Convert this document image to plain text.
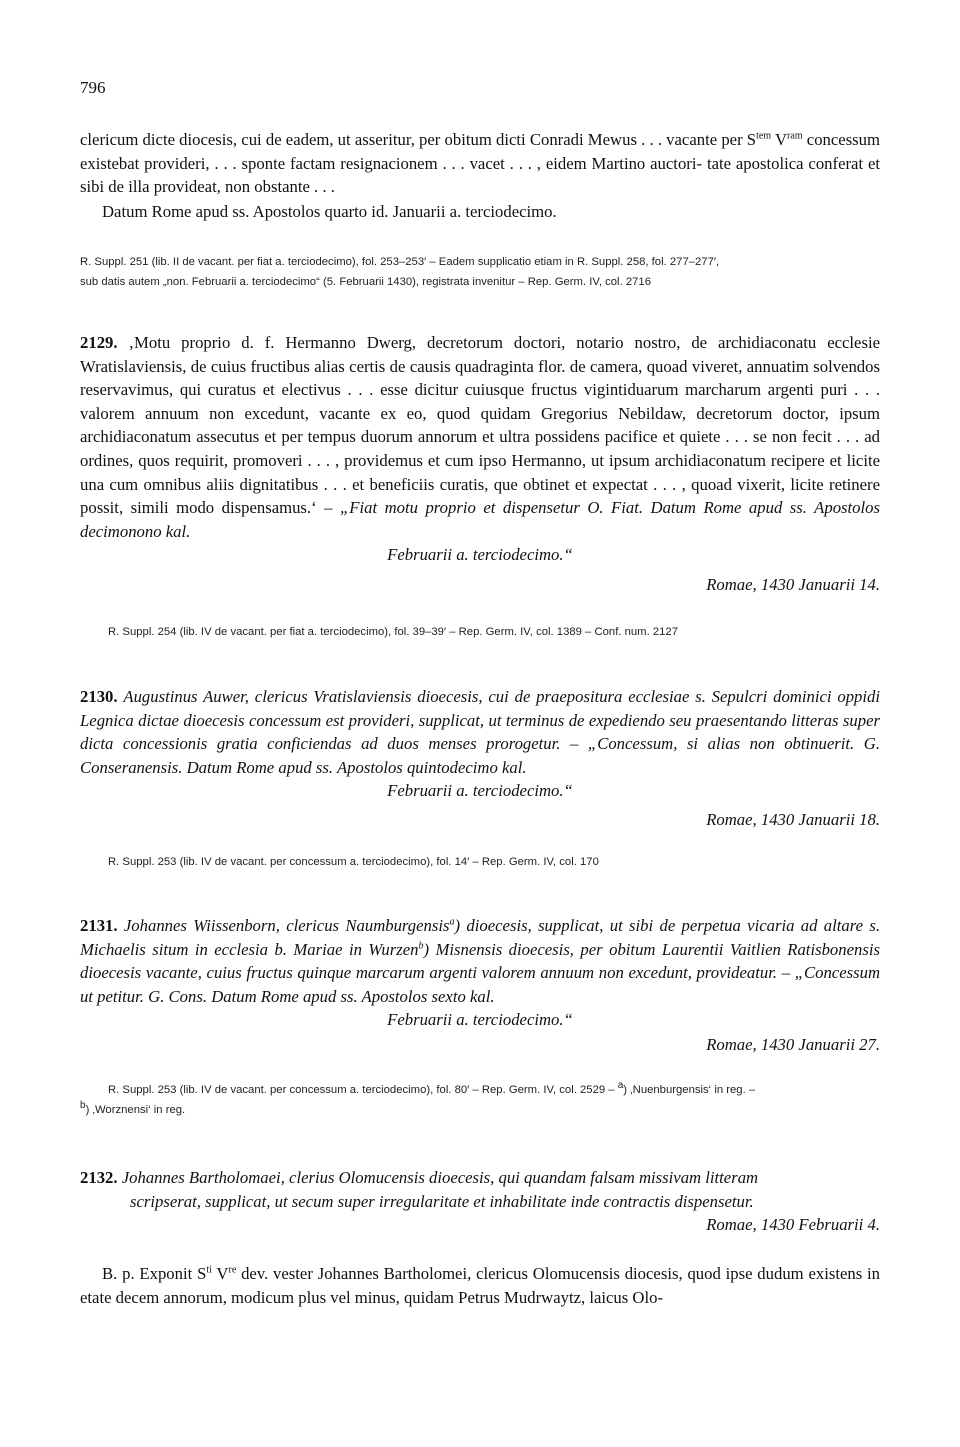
796

clericum dicte diocesis, cui de eadem, ut asseritur, per obitum dicti Conradi Mewus . . . vacante per $S^{tem}$ $V^{ram}$ concessum existebat provideri, . . . sponte factam resignacionem . . . vacet . . . , eidem Martino auctori- tate apostolica conferat et sibi de illa provideat, non obstante . . .

Datum Rome apud ss. Apostolos quarto id. Januarii a. terciodecimo.

R. Suppl. 251 (lib. II de vacant. per fiat a. terciodecimo), fol. 253–253′ – Eadem supplicatio etiam in R. Suppl. 258, fol. 277–277′,

sub datis autem „non. Februarii a. terciodecimo“ (5. Februarii 1430), registrata invenitur – Rep. Germ. IV, col. 2716

2129. ‚Motu proprio d. f. Hermanno Dwerg, decretorum doctori, notario nostro, de archidiaconatu ecclesie Wratislaviensis, de cuius fructibus alias certis de causis quadraginta flor. de camera, quoad viveret, annuatim solvendos reservavimus, qui curatus et electivus . . . esse dicitur cuiusque fructus vigintiduarum marcharum argenti puri . . . valorem annuum non excedunt, vacante ex eo, quod quidam Gregorius Nebildaw, decretorum doctor, ipsum archidiaconatum assecutus et per tempus duorum annorum et ultra possidens pacifice et quiete . . . se non fecit . . . ad ordines, quos requirit, promoveri . . . , providemus et cum ipso Hermanno, ut ipsum archidiaconatum recipere et licite una cum omnibus aliis dignitatibus . . . et beneficiis curatis, que obtinet et expectat . . . , quoad vixerit, licite retinere possit, simili modo dispensamus.‘ – „Fiat motu proprio et dispensetur O. Fiat. Datum Rome apud ss. Apostolos decimonono kal.

Februarii a. terciodecimo.“
Romae, 1430 Januarii 14.

R. Suppl. 254 (lib. IV de vacant. per fiat a. terciodecimo), fol. 39–39′ – Rep. Germ. IV, col. 1389 – Conf. num. 2127

2130. Augustinus Auwer, clericus Vratislaviensis dioecesis, cui de praepositura ecclesiae s. Sepulcri dominici oppidi Legnica dictae dioecesis concessum est provideri, supplicat, ut terminus de expediendo seu praesentando litteras super dicta concessionis gratia conficiendas ad duos menses prorogetur. – „Concessum, si alias non obtinuerit. G. Conseranensis. Datum Rome apud ss. Apostolos quintodecimo kal.

Februarii a. terciodecimo.“
Romae, 1430 Januarii 18.

R. Suppl. 253 (lib. IV de vacant. per concessum a. terciodecimo), fol. 14′ – Rep. Germ. IV, col. 170

2131. Johannes Wiissenborn, clericus Naumburgensis$^a$) dioecesis, supplicat, ut sibi de perpetua vicaria ad altare s. Michaelis situm in ecclesia b. Mariae in Wurzen$^b$) Misnensis dioecesis, per obitum Laurentii Vaitlien Ratisbonensis dioecesis vacante, cuius fructus quinque marcarum argenti valorem annuum non excedunt, provideatur. – „Concessum ut petitur. G. Cons. Datum Rome apud ss. Apostolos sexto kal.

Februarii a. terciodecimo.“
Romae, 1430 Januarii 27.

R. Suppl. 253 (lib. IV de vacant. per concessum a. terciodecimo), fol. 80′ – Rep. Germ. IV, col. 2529 – $^a$) ‚Nuenburgensis‘ in reg. –

$^b$) ‚Worznensi‘ in reg.

2132. Johannes Bartholomaei, clerius Olomucensis dioecesis, qui quandam falsam missivam litteram

scripserat, supplicat, ut secum super irregularitate et inhabilitate inde contractis dispensetur.

Romae, 1430 Februarii 4.

B. p. Exponit $S^{ti}$ Vre dev. vester Johannes Bartholomei, clericus Olomucensis diocesis, quod ipse dudum existens in etate decem annorum, modicum plus vel minus, quidam Petrus Mudrwaytz, laicus Olo-
